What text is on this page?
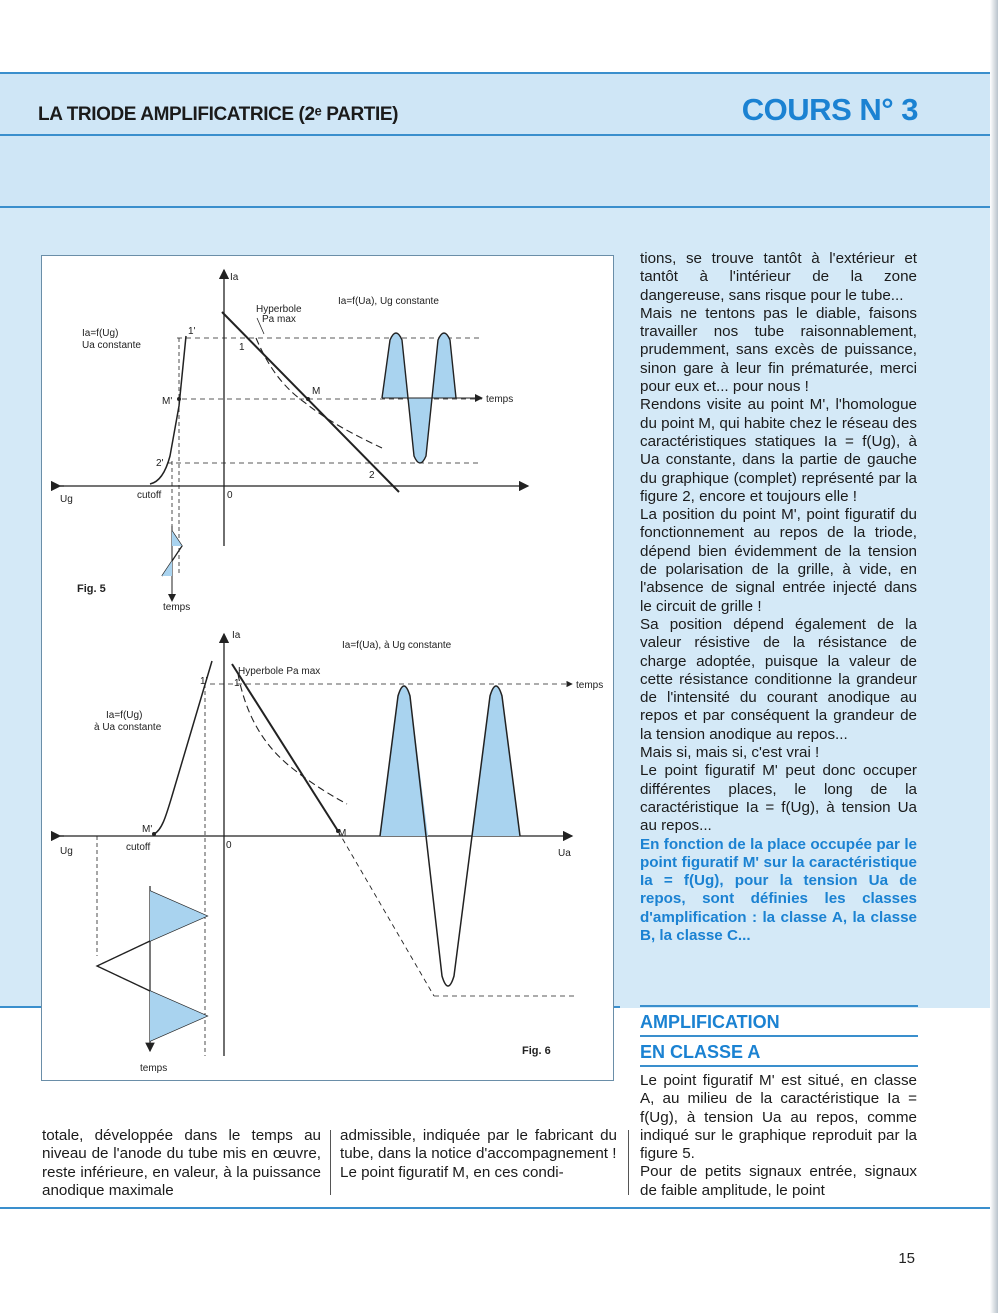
LA TRIODE AMPLIFICATRICE (2ᵉ PARTIE)	COURS N° 3
Ia
Ia=f(Ug)
Ua constante
Ia=f(Ua), Ug constante
Hyperbole
Pa max
1'
1
M
M'
2'
2
temps
Ug	cutoff	0
temps
Fig. 5
Ia
Ia=f(Ua), à Ug constante
Hyperbole Pa max
Ia=f(Ug)
à Ua constante
1'	1	temps
M'	M
Ug	cutoff	0
Ua
temps
Fig. 6

tions, se trouve tantôt à l'extérieur et tantôt à l'intérieur de la zone dangereuse, sans risque pour le tube...

Mais ne tentons pas le diable, faisons travailler nos tube raisonnablement, prudemment, sans excès de puissance, sinon gare à leur fin prématurée, merci pour eux et... pour nous !

Rendons visite au point M', l'homologue du point M, qui habite chez le réseau des caractéristiques statiques Ia = f(Ug), à Ua constante, dans la partie de gauche du graphique (complet) représenté par la figure 2, encore et toujours elle !

La position du point M', point figuratif du fonctionnement au repos de la triode, dépend bien évidemment de la tension de polarisation de la grille, à vide, en l'absence de signal entrée injecté dans le circuit de grille !

Sa position dépend également de la valeur résistive de la résistance de charge adoptée, puisque la valeur de cette résistance conditionne la grandeur de l'intensité du courant anodique au repos et par conséquent la grandeur de la tension anodique au repos...

Mais si, mais si, c'est vrai !

Le point figuratif M' peut donc occuper différentes places, le long de la caractéristique Ia = f(Ug), à tension Ua au repos...

En fonction de la place occupée par le point figuratif M' sur la caractéristique Ia = f(Ug), pour la tension Ua de repos, sont définies les classes d'amplification : la classe A, la classe B, la classe C...

AMPLIFICATION
EN CLASSE A

Le point figuratif M' est situé, en classe A, au milieu de la caractéristique Ia = f(Ug), à tension Ua au repos, comme indiqué sur le graphique reproduit par la figure 5.

Pour de petits signaux entrée, signaux de faible amplitude, le point

totale, développée dans le temps au niveau de l'anode du tube mis en œuvre, reste inférieure, en valeur, à la puissance anodique maximale

admissible, indiquée par le fabricant du tube, dans la notice d'accompagnement !

Le point figuratif M, en ces condi-

15
